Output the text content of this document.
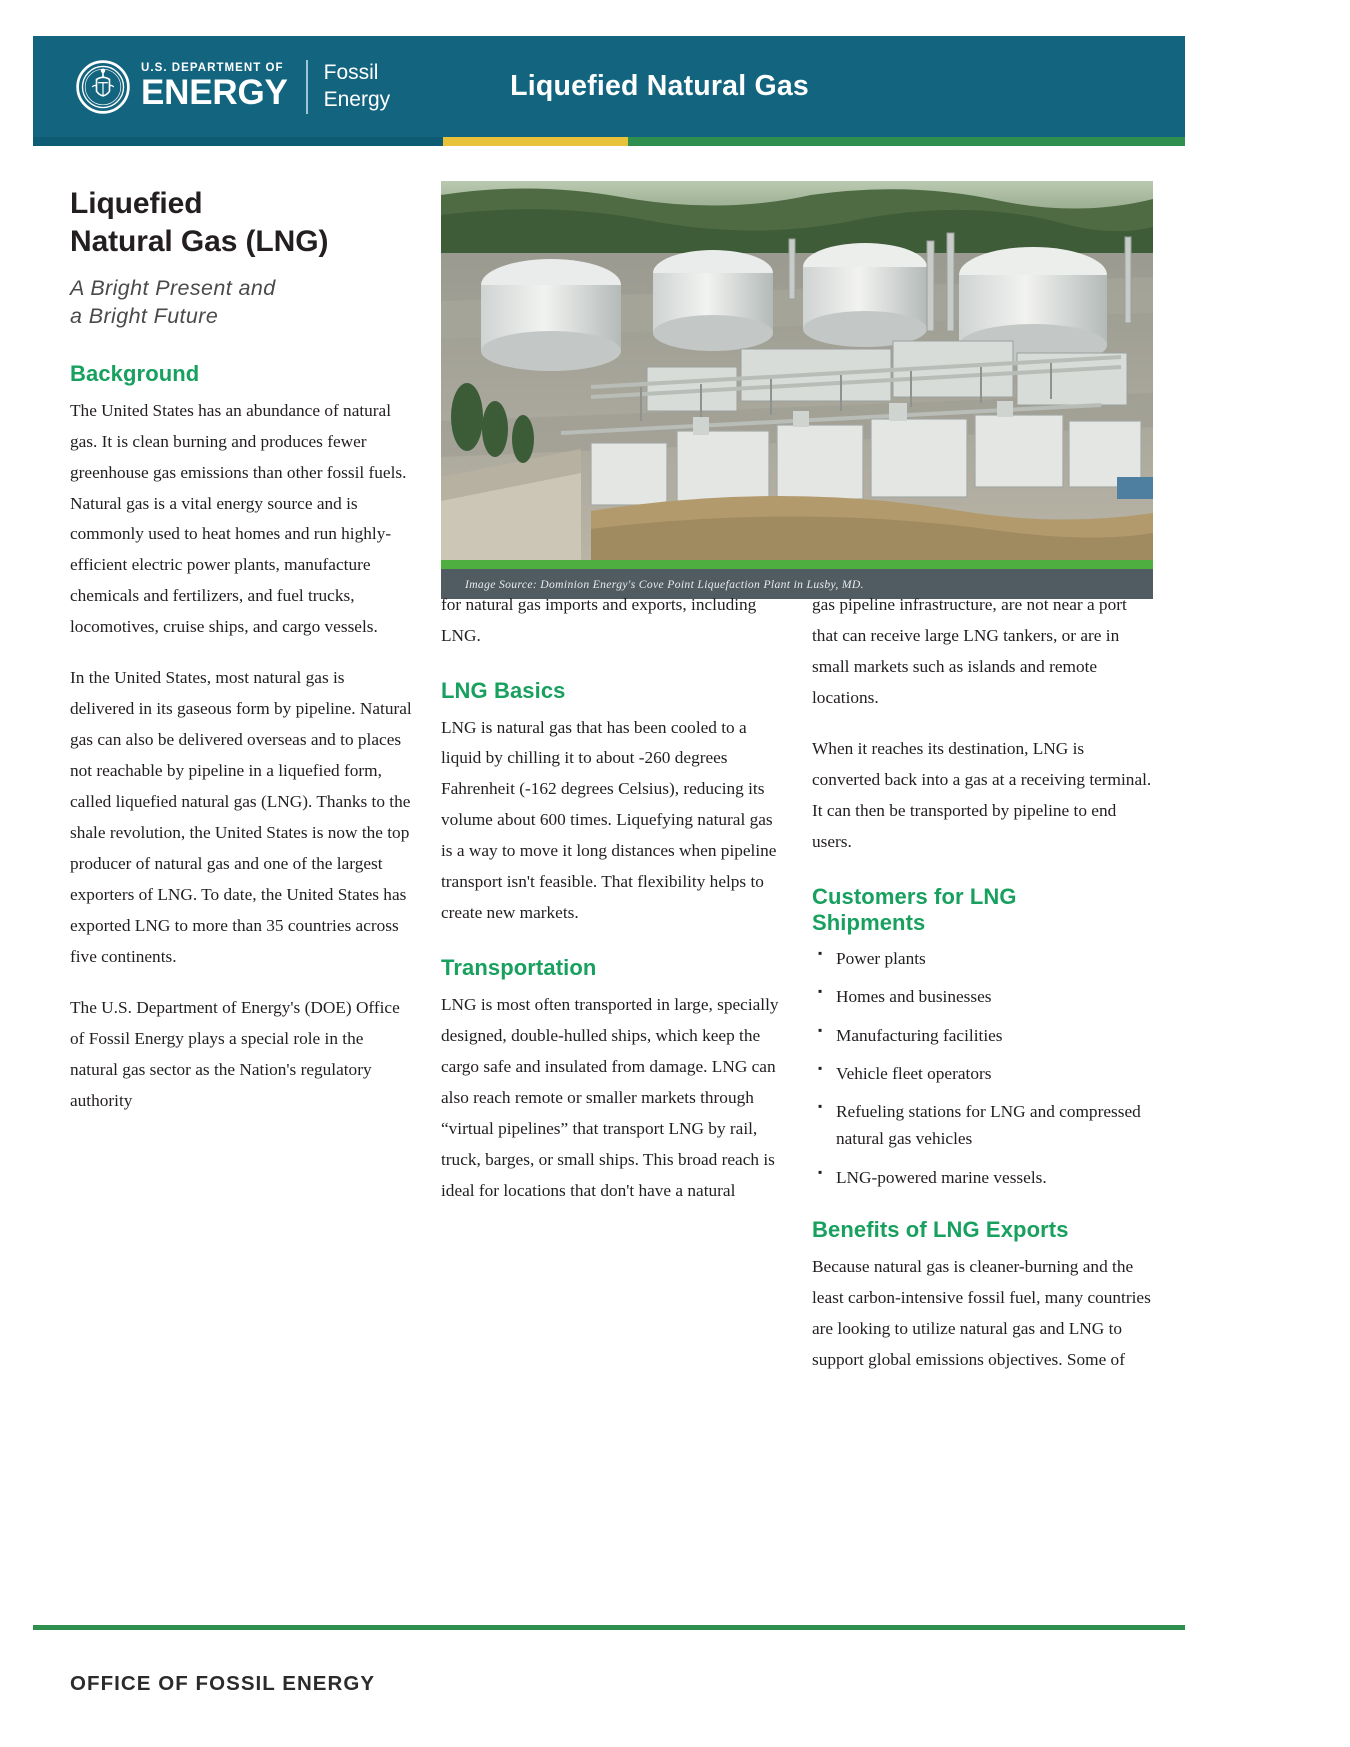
U.S. DEPARTMENT OF
ENERGY
Fossil
Energy	Liquefied Natural Gas
Liquefied
Natural Gas (LNG)
A Bright Present and
a Bright Future
Background

The United States has an abundance of natural gas. It is clean burning and produces fewer greenhouse gas emissions than other fossil fuels. Natural gas is a vital energy source and is commonly used to heat homes and run highly-efficient electric power plants, manufacture chemicals and fertilizers, and fuel trucks, locomotives, cruise ships, and cargo vessels.

In the United States, most natural gas is delivered in its gaseous form by pipeline. Natural gas can also be delivered overseas and to places not reachable by pipeline in a liquefied form, called liquefied natural gas (LNG). Thanks to the shale revolution, the United States is now the top producer of natural gas and one of the largest exporters of LNG. To date, the United States has exported LNG to more than 35 countries across five continents.

The U.S. Department of Energy's (DOE) Office of Fossil Energy plays a special role in the natural gas sector as the Nation's regulatory authority

Image Source: Dominion Energy's Cove Point Liquefaction Plant in Lusby, MD.

for natural gas imports and exports, including LNG.

LNG Basics

LNG is natural gas that has been cooled to a liquid by chilling it to about -260 degrees Fahrenheit (-162 degrees Celsius), reducing its volume about 600 times. Liquefying natural gas is a way to move it long distances when pipeline transport isn't feasible. That flexibility helps to create new markets.

Transportation

LNG is most often transported in large, specially designed, double-hulled ships, which keep the cargo safe and insulated from damage. LNG can also reach remote or smaller markets through “virtual pipelines” that transport LNG by rail, truck, barges, or small ships. This broad reach is ideal for locations that don't have a natural

gas pipeline infrastructure, are not near a port that can receive large LNG tankers, or are in small markets such as islands and remote locations.

When it reaches its destination, LNG is converted back into a gas at a receiving terminal. It can then be transported by pipeline to end users.

Customers for LNG
Shipments
▪ Power plants
▪ Homes and businesses
▪ Manufacturing facilities
▪ Vehicle fleet operators
▪ Refueling stations for LNG and compressed natural gas vehicles
▪ LNG-powered marine vessels.
Benefits of LNG Exports

Because natural gas is cleaner-burning and the least carbon-intensive fossil fuel, many countries are looking to utilize natural gas and LNG to support global emissions objectives. Some of

OFFICE OF FOSSIL ENERGY
